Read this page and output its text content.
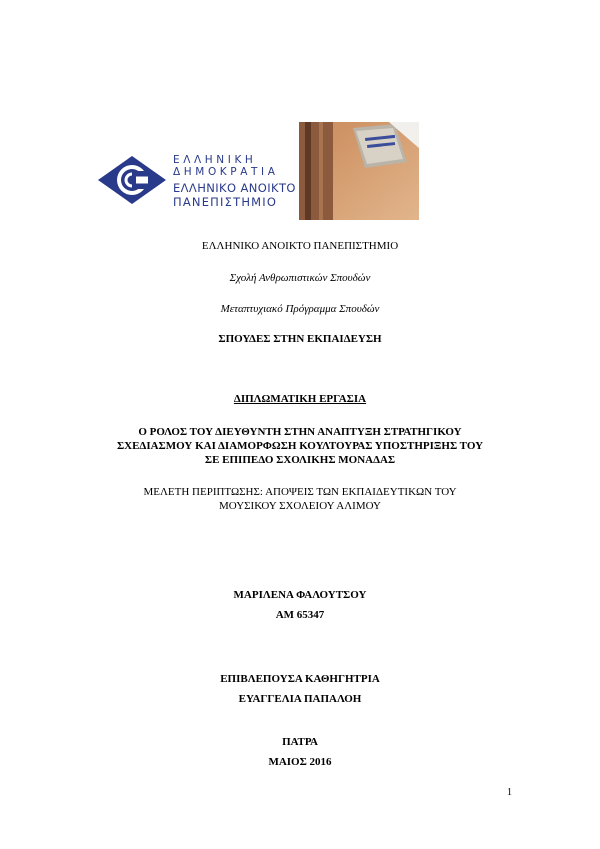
ΕΛΛΗΝΙΚΗ
ΔΗΜΟΚΡΑΤΙΑ
ΕΛΛΗΝΙΚΟ ΑΝΟΙΚΤΟ
ΠΑΝΕΠΙΣΤΗΜΙΟ
ΕΛΛΗΝΙΚΟ ΑΝΟΙΚΤΟ ΠΑΝΕΠΙΣΤΗΜΙΟ
Σχολή Ανθρωπιστικών Σπουδών
Μεταπτυχιακό Πρόγραμμα Σπουδών
ΣΠΟΥΔΕΣ ΣΤΗΝ ΕΚΠΑΙΔΕΥΣΗ
ΔΙΠΛΩΜΑΤΙΚΗ ΕΡΓΑΣΙΑ
Ο ΡΟΛΟΣ ΤΟΥ ΔΙΕΥΘΥΝΤΗ ΣΤΗΝ ΑΝΑΠΤΥΞΗ ΣΤΡΑΤΗΓΙΚΟΥ
ΣΧΕΔΙΑΣΜΟΥ ΚΑΙ ΔΙΑΜΟΡΦΩΣΗ ΚΟΥΛΤΟΥΡΑΣ ΥΠΟΣΤΗΡΙΞΗΣ ΤΟΥ
ΣΕ ΕΠΙΠΕΔΟ ΣΧΟΛΙΚΗΣ ΜΟΝΑΔΑΣ
ΜΕΛΕΤΗ ΠΕΡΙΠΤΩΣΗΣ: ΑΠΟΨΕΙΣ ΤΩΝ ΕΚΠΑΙΔΕΥΤΙΚΩΝ ΤΟΥ
ΜΟΥΣΙΚΟΥ ΣΧΟΛΕΙΟΥ ΑΛΙΜΟΥ
ΜΑΡΙΛΕΝΑ ΦΑΛΟΥΤΣΟΥ
ΑΜ 65347
ΕΠΙΒΛΕΠΟΥΣΑ ΚΑΘΗΓΗΤΡΙΑ
ΕΥΑΓΓΕΛΙΑ ΠΑΠΑΛΟΗ
ΠΑΤΡΑ
ΜΑΙΟΣ 2016
1
